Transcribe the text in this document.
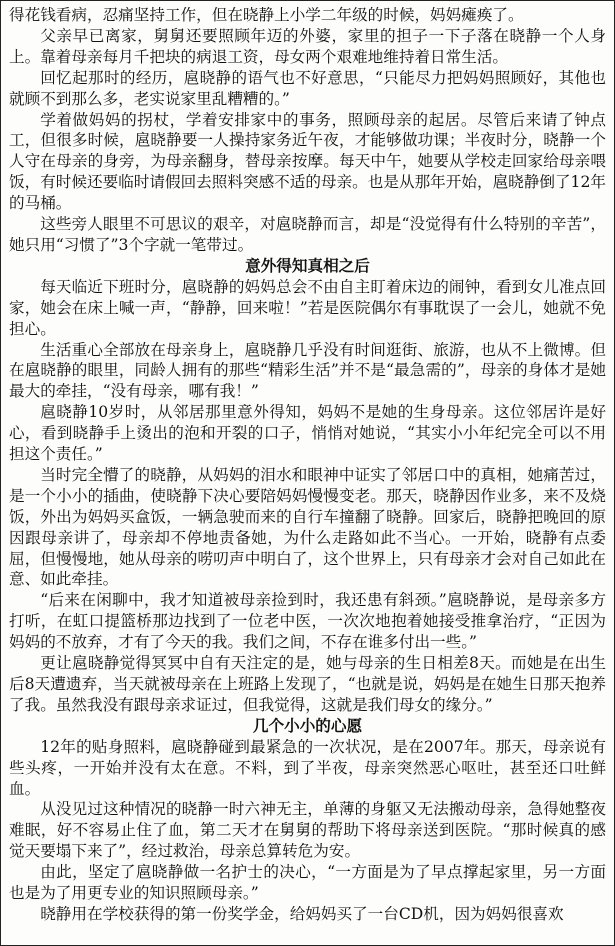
得花钱看病，忍痛坚持工作，但在晓静上小学二年级的时候，妈妈瘫痪了。

父亲早已离家，舅舅还要照顾年迈的外婆，家里的担子一下子落在晓静一个人身上。靠着母亲每月千把块的病退工资，母女两个艰难地维持着日常生活。

回忆起那时的经历，扈晓静的语气也不好意思，“只能尽力把妈妈照顾好，其他也就顾不到那么多，老实说家里乱糟糟的。”

学着做妈妈的拐杖，学着安排家中的事务，照顾母亲的起居。尽管后来请了钟点工，但很多时候，扈晓静要一人操持家务近午夜，才能够做功课；半夜时分，晓静一个人守在母亲的身旁，为母亲翻身，替母亲按摩。每天中午，她要从学校走回家给母亲喂饭，有时候还要临时请假回去照料突感不适的母亲。也是从那年开始，扈晓静倒了12年的马桶。

这些旁人眼里不可思议的艰辛，对扈晓静而言，却是“没觉得有什么特别的辛苦”，她只用“习惯了”3个字就一笔带过。

意外得知真相之后

每天临近下班时分，扈晓静的妈妈总会不由自主盯着床边的闹钟，看到女儿准点回家，她会在床上喊一声，“静静，回来啦！”若是医院偶尔有事耽误了一会儿，她就不免担心。

生活重心全部放在母亲身上，扈晓静几乎没有时间逛街、旅游，也从不上微博。但在扈晓静的眼里，同龄人拥有的那些“精彩生活”并不是“最急需的”，母亲的身体才是她最大的牵挂，“没有母亲，哪有我！”

扈晓静10岁时，从邻居那里意外得知，妈妈不是她的生身母亲。这位邻居许是好心，看到晓静手上烫出的泡和开裂的口子，悄悄对她说，“其实小小年纪完全可以不用担这个责任。”

当时完全懵了的晓静，从妈妈的泪水和眼神中证实了邻居口中的真相，她痛苦过，是一个小小的插曲，使晓静下决心要陪妈妈慢慢变老。那天，晓静因作业多，来不及烧饭，外出为妈妈买盒饭，一辆急驶而来的自行车撞翻了晓静。回家后，晓静把晚回的原因跟母亲讲了，母亲却不停地责备她，为什么走路如此不当心。一开始，晓静有点委屈，但慢慢地，她从母亲的唠叨声中明白了，这个世界上，只有母亲才会对自己如此在意、如此牵挂。

“后来在闲聊中，我才知道被母亲捡到时，我还患有斜颈。”扈晓静说，是母亲多方打听，在虹口提篮桥那边找到了一位老中医，一次次地抱着她接受推拿治疗，“正因为妈妈的不放弃，才有了今天的我。我们之间，不存在谁多付出一些。”

更让扈晓静觉得冥冥中自有天注定的是，她与母亲的生日相差8天。而她是在出生后8天遭遗弃，当天就被母亲在上班路上发现了，“也就是说，妈妈是在她生日那天抱养了我。虽然我没有跟母亲求证过，但我觉得，这就是我们母女的缘分。”

几个小小的心愿

12年的贴身照料，扈晓静碰到最紧急的一次状况，是在2007年。那天，母亲说有些头疼，一开始并没有太在意。不料，到了半夜，母亲突然恶心呕吐，甚至还口吐鲜血。

从没见过这种情况的晓静一时六神无主，单薄的身躯又无法搬动母亲，急得她整夜难眠，好不容易止住了血，第二天才在舅舅的帮助下将母亲送到医院。“那时候真的感觉天要塌下来了”，经过救治，母亲总算转危为安。

由此，坚定了扈晓静做一名护士的决心，“一方面是为了早点撑起家里，另一方面也是为了用更专业的知识照顾母亲。”

晓静用在学校获得的第一份奖学金，给妈妈买了一台CD机，因为妈妈很喜欢
